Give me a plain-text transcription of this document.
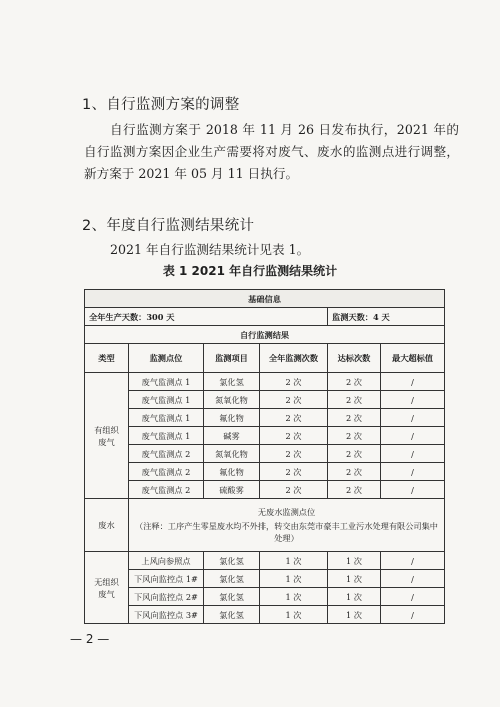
1、自行监测方案的调整
自行监测方案于 2018 年 11 月 26 日发布执行，2021 年的自行监测方案因企业生产需要将对废气、废水的监测点进行调整，新方案于 2021 年 05 月 11 日执行。
2、年度自行监测结果统计
2021 年自行监测结果统计见表 1。
表 1 2021 年自行监测结果统计
基础信息					
全年生产天数：300 天				监测天数：4 天	
自行监测结果					
类型	监测点位	监测项目	全年监测次数	达标次数	最大超标值
有组织废气	废气监测点 1	氯化氢	2 次	2 次	/
	废气监测点 1	氮氧化物	2 次	2 次	/
	废气监测点 1	氟化物	2 次	2 次	/
	废气监测点 1	碱雾	2 次	2 次	/
	废气监测点 2	氮氧化物	2 次	2 次	/
	废气监测点 2	氟化物	2 次	2 次	/
	废气监测点 2	硫酸雾	2 次	2 次	/
废水	无废水监测点位
（注释：工序产生零星废水均不外排，转交由东莞市豪丰工业污水处理有限公司集中处理）				

无组织废气	上风向参照点	氯化氢	1 次	1 次	/
	下风向监控点 1#	氯化氢	1 次	1 次	/
	下风向监控点 2#	氯化氢	1 次	1 次	/
	下风向监控点 3#	氯化氢	1 次	1 次	/
— 2 —
